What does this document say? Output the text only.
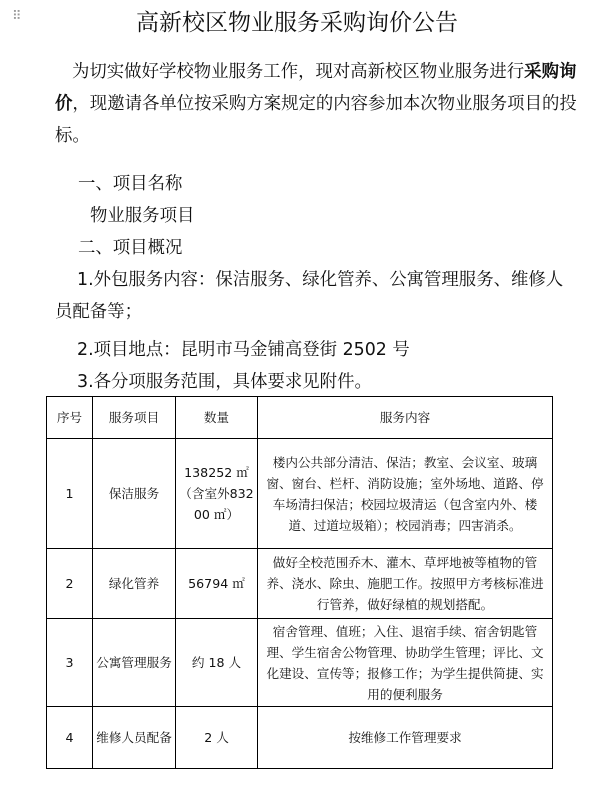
⠿	高新校区物业服务采购询价公告
为切实做好学校物业服务工作，现对高新校区物业服务进行采购询价，现邀请各单位按采购方案规定的内容参加本次物业服务项目的投标。
一、项目名称
物业服务项目
二、项目概况
1.外包服务内容：保洁服务、绿化管养、公寓管理服务、维修人员配备等；
2.项目地点：昆明市马金铺高登街 2502 号
3.各分项服务范围，具体要求见附件。
序号	服务项目	数量	服务内容
1	保洁服务	138252 ㎡（含室外83200 ㎡）	楼内公共部分清洁、保洁；教室、会议室、玻璃窗、窗台、栏杆、消防设施；室外场地、道路、停车场清扫保洁；校园垃圾清运（包含室内外、楼道、过道垃圾箱）；校园消毒；四害消杀。
2	绿化管养	56794 ㎡	做好全校范围乔木、灌木、草坪地被等植物的管养、浇水、除虫、施肥工作。按照甲方考核标准进行管养，做好绿植的规划搭配。
3	公寓管理服务	约 18 人	宿舍管理、值班；入住、退宿手续、宿舍钥匙管理、学生宿舍公物管理、协助学生管理；评比、文化建设、宣传等；报修工作；为学生提供简捷、实用的便利服务
4	维修人员配备	2 人	按维修工作管理要求
